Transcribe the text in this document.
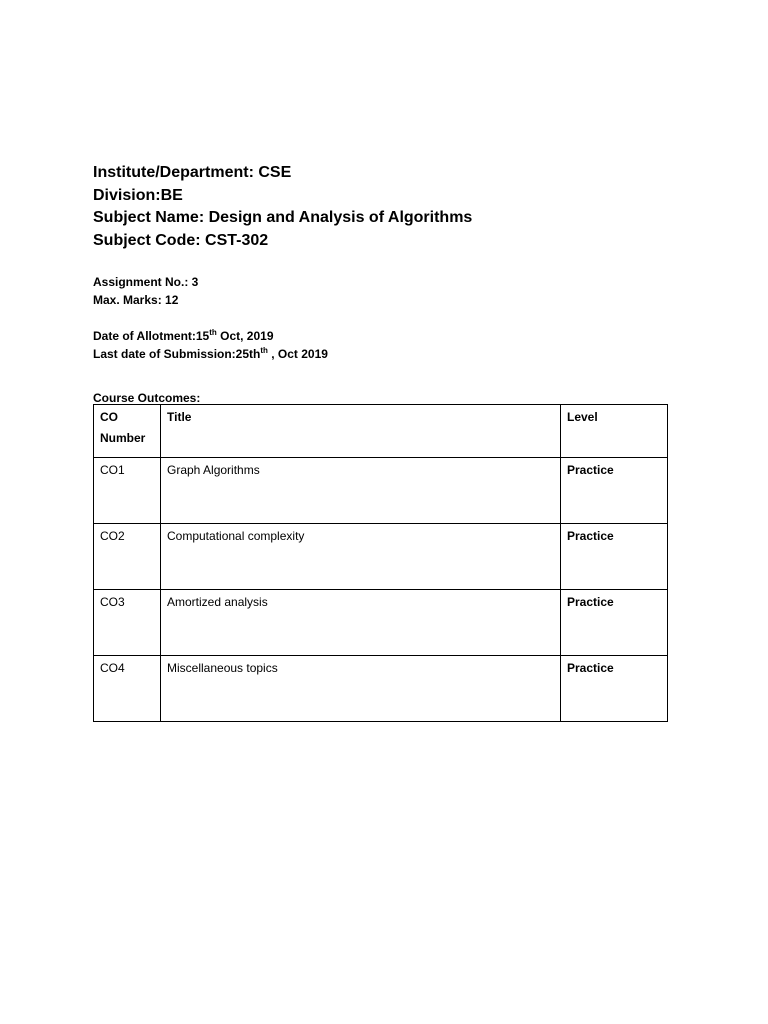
Institute/Department: CSE

Division:BE

Subject Name: Design and Analysis of Algorithms

Subject Code: CST-302

Assignment No.: 3

Max. Marks: 12

Date of Allotment:15th Oct, 2019

Last date of $Submission:25th^{th}$ , Oct 2019

Course Outcomes:

CO
Number	Title	Level
CO1	Graph Algorithms	Practice
CO2	Computational complexity	Practice
CO3	Amortized analysis	Practice
CO4	Miscellaneous topics	Practice
